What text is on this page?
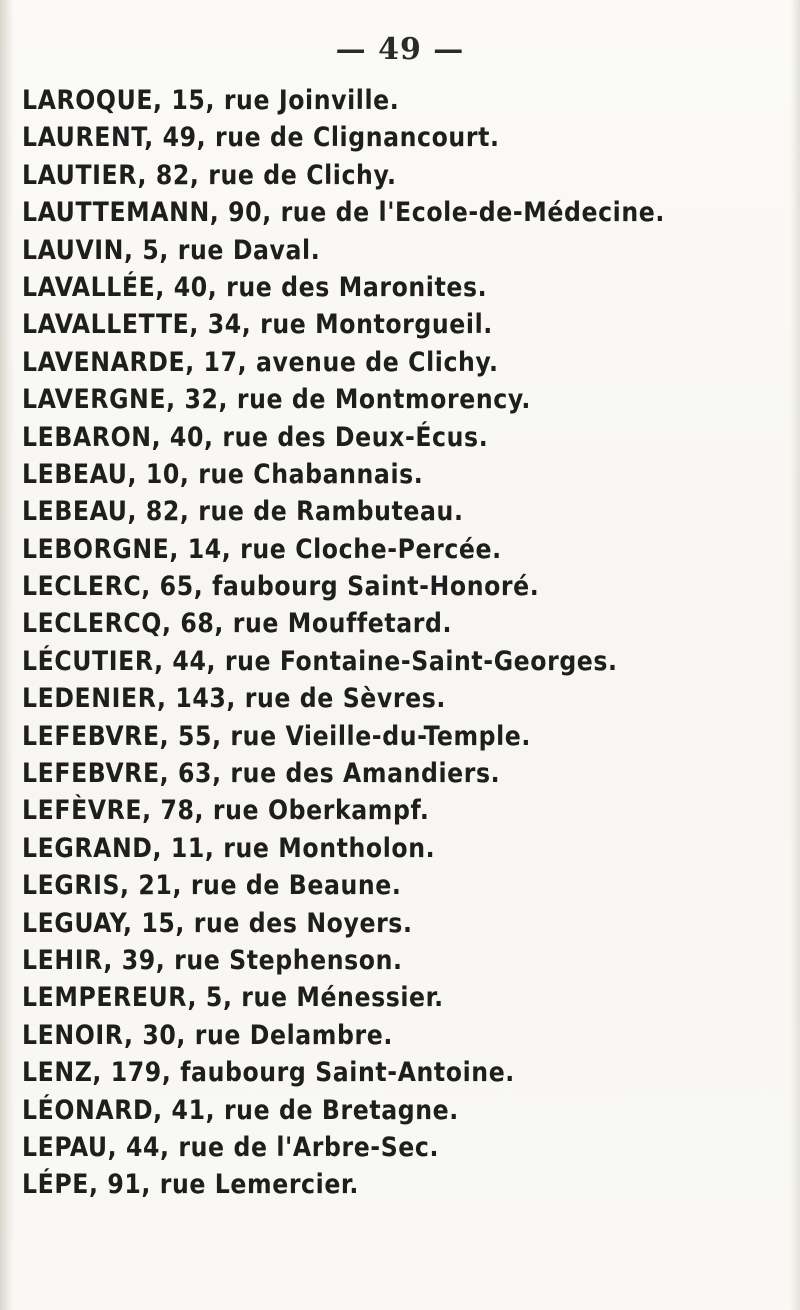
— 49 —
LAROQUE, 15, rue Joinville.
LAURENT, 49, rue de Clignancourt.
LAUTIER, 82, rue de Clichy.
LAUTTEMANN, 90, rue de l'Ecole-de-Médecine.
LAUVIN, 5, rue Daval.
LAVALLÉE, 40, rue des Maronites.
LAVALLETTE, 34, rue Montorgueil.
LAVENARDE, 17, avenue de Clichy.
LAVERGNE, 32, rue de Montmorency.
LEBARON, 40, rue des Deux-Écus.
LEBEAU, 10, rue Chabannais.
LEBEAU, 82, rue de Rambuteau.
LEBORGNE, 14, rue Cloche-Percée.
LECLERC, 65, faubourg Saint-Honoré.
LECLERCQ, 68, rue Mouffetard.
LÉCUTIER, 44, rue Fontaine-Saint-Georges.
LEDENIER, 143, rue de Sèvres.
LEFEBVRE, 55, rue Vieille-du-Temple.
LEFEBVRE, 63, rue des Amandiers.
LEFÈVRE, 78, rue Oberkampf.
LEGRAND, 11, rue Montholon.
LEGRIS, 21, rue de Beaune.
LEGUAY, 15, rue des Noyers.
LEHIR, 39, rue Stephenson.
LEMPEREUR, 5, rue Ménessier.
LENOIR, 30, rue Delambre.
LENZ, 179, faubourg Saint-Antoine.
LÉONARD, 41, rue de Bretagne.
LEPAU, 44, rue de l'Arbre-Sec.
LÉPE, 91, rue Lemercier.
